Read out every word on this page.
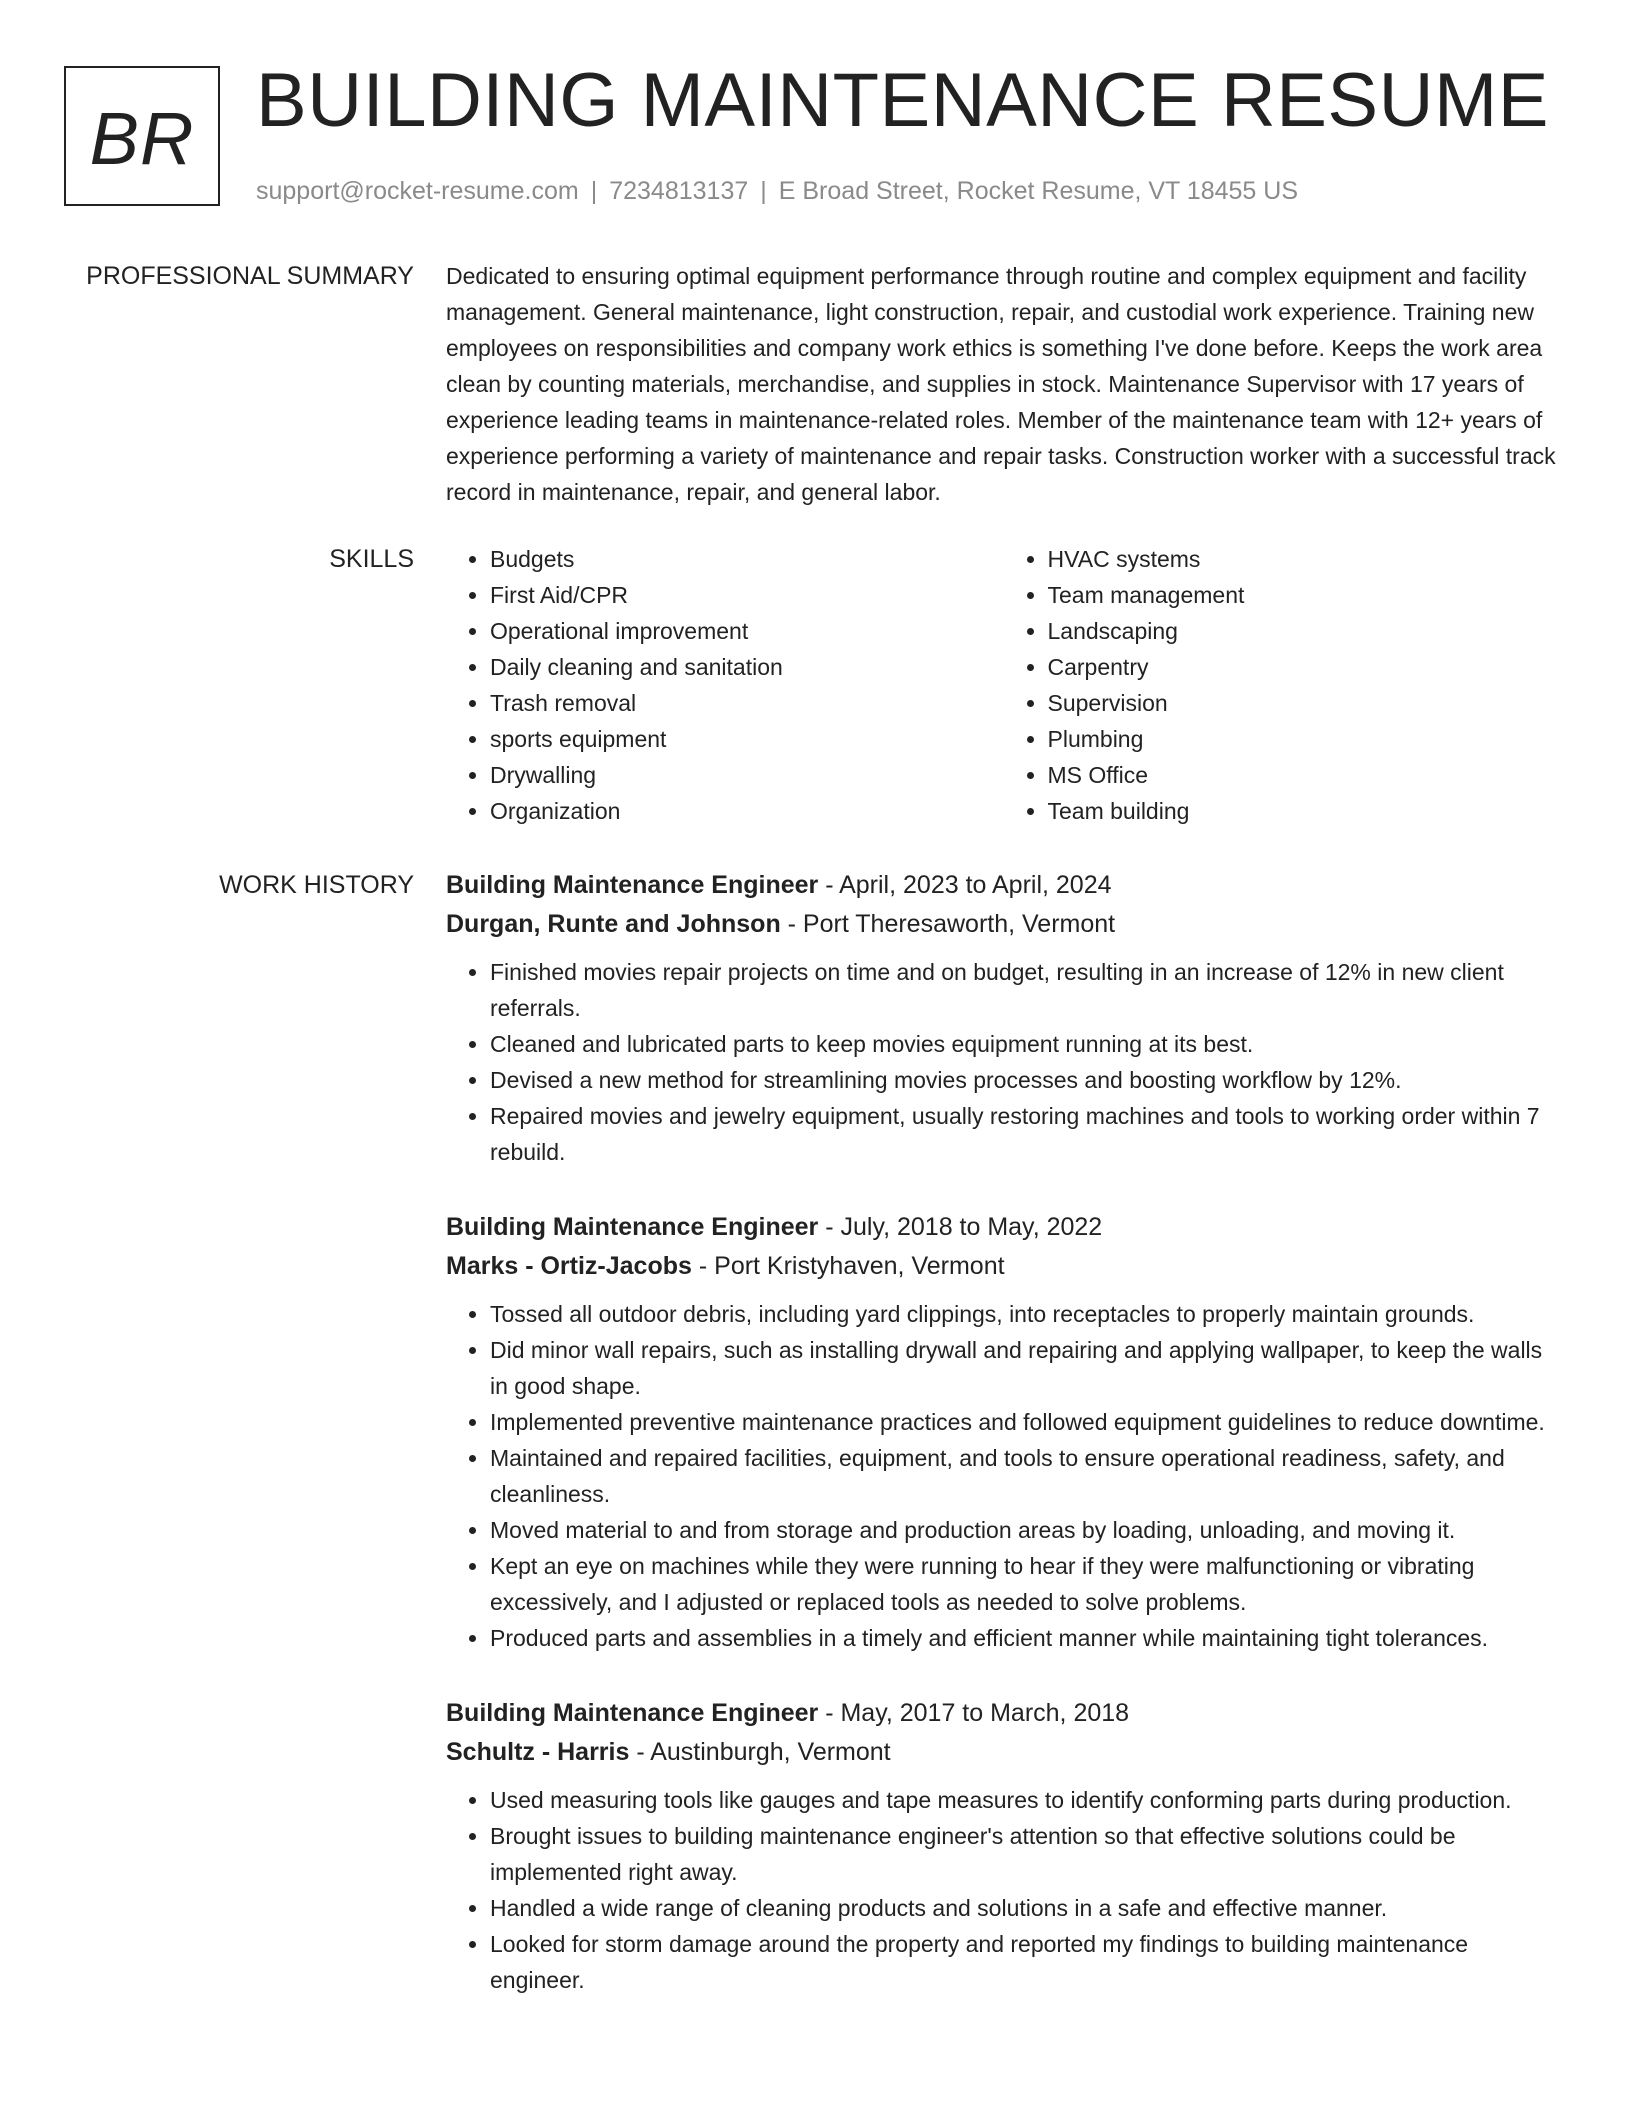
BR BUILDING MAINTENANCE RESUME
support@rocket-resume.com | 7234813137 | E Broad Street, Rocket Resume, VT 18455 US
PROFESSIONAL SUMMARY Dedicated to ensuring optimal equipment performance through routine and complex equipment and facility management. General maintenance, light construction, repair, and custodial work experience. Training new employees on responsibilities and company work ethics is something I've done before. Keeps the work area clean by counting materials, merchandise, and supplies in stock. Maintenance Supervisor with 17 years of experience leading teams in maintenance-related roles. Member of the maintenance team with 12+ years of experience performing a variety of maintenance and repair tasks. Construction worker with a successful track record in maintenance, repair, and general labor.

SKILLS
•	Budgets
• First Aid/CPR
• Operational improvement
• Daily cleaning and sanitation
• Trash removal
• sports equipment
• Drywalling
• Organization
• HVAC systems
• Team management
• Landscaping
• Carpentry
• Supervision
• Plumbing
• MS Office
• Team building
WORK HISTORY Building Maintenance Engineer - April, 2023 to April, 2024
Durgan, Runte and Johnson - Port Theresaworth, Vermont
• Finished movies repair projects on time and on budget, resulting in an increase of 12% in new client referrals.
• Cleaned and lubricated parts to keep movies equipment running at its best.
• Devised a new method for streamlining movies processes and boosting workflow by 12%.
• Repaired movies and jewelry equipment, usually restoring machines and tools to working order within 7 rebuild.
Building Maintenance Engineer - July, 2018 to May, 2022
Marks - Ortiz-Jacobs - Port Kristyhaven, Vermont
• Tossed all outdoor debris, including yard clippings, into receptacles to properly maintain grounds.
• Did minor wall repairs, such as installing drywall and repairing and applying wallpaper, to keep the walls in good shape.
• Implemented preventive maintenance practices and followed equipment guidelines to reduce downtime.
• Maintained and repaired facilities, equipment, and tools to ensure operational readiness, safety, and cleanliness.
• Moved material to and from storage and production areas by loading, unloading, and moving it.
• Kept an eye on machines while they were running to hear if they were malfunctioning or vibrating excessively, and I adjusted or replaced tools as needed to solve problems.
• Produced parts and assemblies in a timely and efficient manner while maintaining tight tolerances.
Building Maintenance Engineer - May, 2017 to March, 2018
Schultz - Harris - Austinburgh, Vermont
• Used measuring tools like gauges and tape measures to identify conforming parts during production.
• Brought issues to building maintenance engineer's attention so that effective solutions could be implemented right away.
• Handled a wide range of cleaning products and solutions in a safe and effective manner.
• Looked for storm damage around the property and reported my findings to building maintenance engineer.
